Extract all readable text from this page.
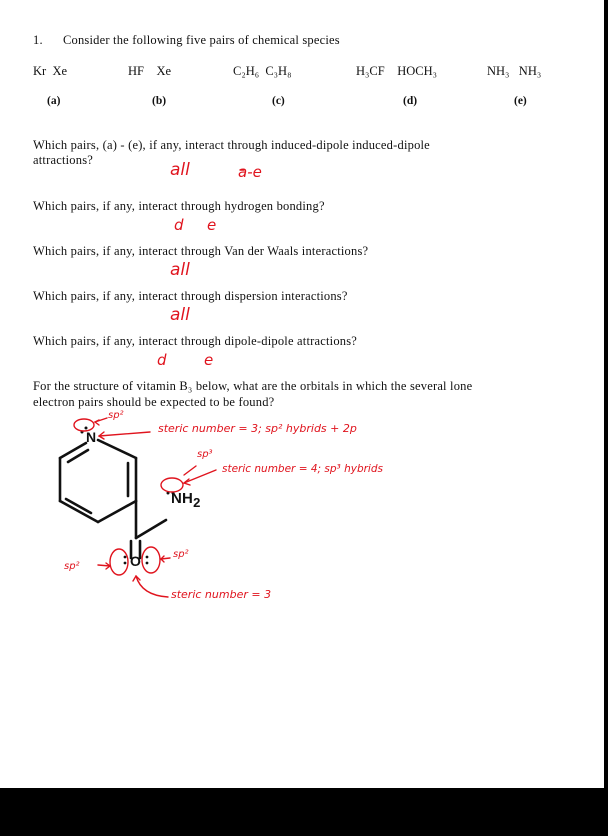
1. Consider the following five pairs of chemical species
Kr Xe	HF Xe	C₂H₆ C₃H₈	H₃CF HOCH₃	NH₃ NH₃
(a)	(b)	(c)	(d)	(e)
Which pairs, (a) - (e), if any, interact through induced-dipole induced-dipole
attractions?	all	a-e
Which pairs, if any, interact through hydrogen bonding?
d e
Which pairs, if any, interact through Van der Waals interactions?
all
Which pairs, if any, interact through dispersion interactions?
all
Which pairs, if any, interact through dipole-dipole attractions?
d e
For the structure of vitamin B₃ below, what are the orbitals in which the several lone
electron pairs should be expected to be found?
N
$NH_2$
O
sp²
steric number = 3; sp² hybrids + 2p
sp³
steric number = 4; sp³ hybrids
sp²
sp²
steric number = 3
